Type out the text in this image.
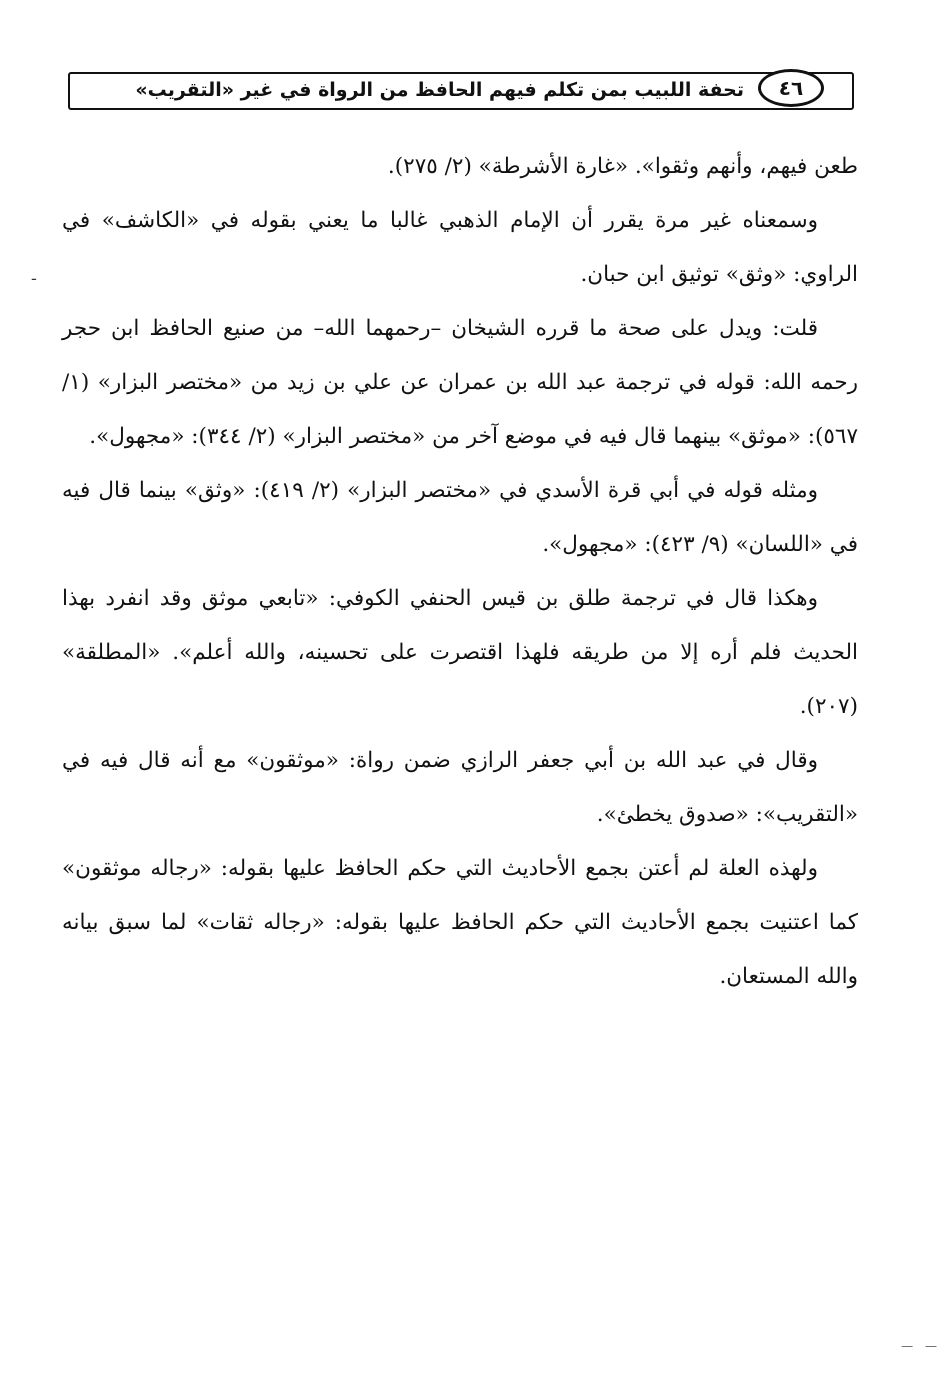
تحفة اللبيب بمن تكلم فيهم الحافظ من الرواة في غير «التقريب»	٤٦

طعن فيهم، وأنهم وثقوا». «غارة الأشرطة» (٢/ ٢٧٥).

وسمعناه غير مرة يقرر أن الإمام الذهبي غالبا ما يعني بقوله في «الكاشف» في الراوي: «وثق» توثيق ابن حبان.

قلت: ويدل على صحة ما قرره الشيخان –رحمهما الله– من صنيع الحافظ ابن حجر رحمه الله: قوله في ترجمة عبد الله بن عمران عن علي بن زيد من «مختصر البزار» (١/ ٥٦٧): «موثق» بينهما قال فيه في موضع آخر من «مختصر البزار» (٢/ ٣٤٤): «مجهول».

ومثله قوله في أبي قرة الأسدي في «مختصر البزار» (٢/ ٤١٩): «وثق» بينما قال فيه في «اللسان» (٩/ ٤٢٣): «مجهول».

وهكذا قال في ترجمة طلق بن قيس الحنفي الكوفي: «تابعي موثق وقد انفرد بهذا الحديث فلم أره إلا من طريقه فلهذا اقتصرت على تحسينه، والله أعلم». «المطلقة» (٢٠٧).

وقال في عبد الله بن أبي جعفر الرازي ضمن رواة: «موثقون» مع أنه قال فيه في «التقريب»: «صدوق يخطئ».

ولهذه العلة لم أعتن بجمع الأحاديث التي حكم الحافظ عليها بقوله: «رجاله موثقون» كما اعتنيت بجمع الأحاديث التي حكم الحافظ عليها بقوله: «رجاله ثقات» لما سبق بيانه والله المستعان.

ـ
— —
